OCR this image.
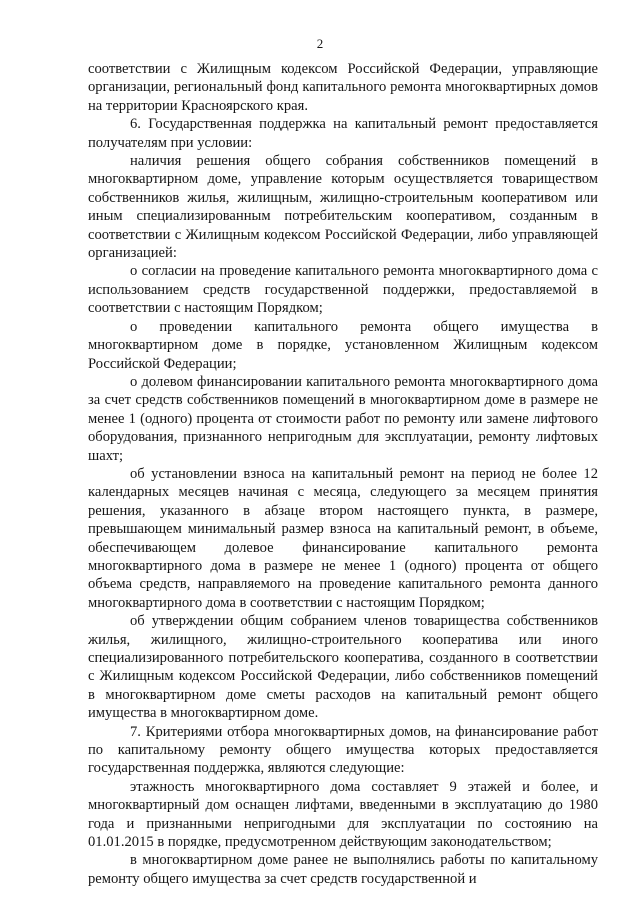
2

соответствии с Жилищным кодексом Российской Федерации, управляющие организации, региональный фонд капитального ремонта многоквартирных домов на территории Красноярского края.

6. Государственная поддержка на капитальный ремонт предоставляется получателям при условии:

наличия решения общего собрания собственников помещений в многоквартирном доме, управление которым осуществляется товариществом собственников жилья, жилищным, жилищно-строительным кооперативом или иным специализированным потребительским кооперативом, созданным в соответствии с Жилищным кодексом Российской Федерации, либо управляющей организацией:

о согласии на проведение капитального ремонта многоквартирного дома с использованием средств государственной поддержки, предоставляемой в соответствии с настоящим Порядком;

о проведении капитального ремонта общего имущества в многоквартирном доме в порядке, установленном Жилищным кодексом Российской Федерации;

о долевом финансировании капитального ремонта многоквартирного дома за счет средств собственников помещений в многоквартирном доме в размере не менее 1 (одного) процента от стоимости работ по ремонту или замене лифтового оборудования, признанного непригодным для эксплуатации, ремонту лифтовых шахт;

об установлении взноса на капитальный ремонт на период не более 12 календарных месяцев начиная с месяца, следующего за месяцем принятия решения, указанного в абзаце втором настоящего пункта, в размере, превышающем минимальный размер взноса на капитальный ремонт, в объеме, обеспечивающем долевое финансирование капитального ремонта многоквартирного дома в размере не менее 1 (одного) процента от общего объема средств, направляемого на проведение капитального ремонта данного многоквартирного дома в соответствии с настоящим Порядком;

об утверждении общим собранием членов товарищества собственников жилья, жилищного, жилищно-строительного кооператива или иного специализированного потребительского кооператива, созданного в соответствии с Жилищным кодексом Российской Федерации, либо собственников помещений в многоквартирном доме сметы расходов на капитальный ремонт общего имущества в многоквартирном доме.

7. Критериями отбора многоквартирных домов, на финансирование работ по капитальному ремонту общего имущества которых предоставляется государственная поддержка, являются следующие:

этажность многоквартирного дома составляет 9 этажей и более, и многоквартирный дом оснащен лифтами, введенными в эксплуатацию до 1980 года и признанными непригодными для эксплуатации по состоянию на 01.01.2015 в порядке, предусмотренном действующим законодательством;

в многоквартирном доме ранее не выполнялись работы по капитальному ремонту общего имущества за счет средств государственной и
